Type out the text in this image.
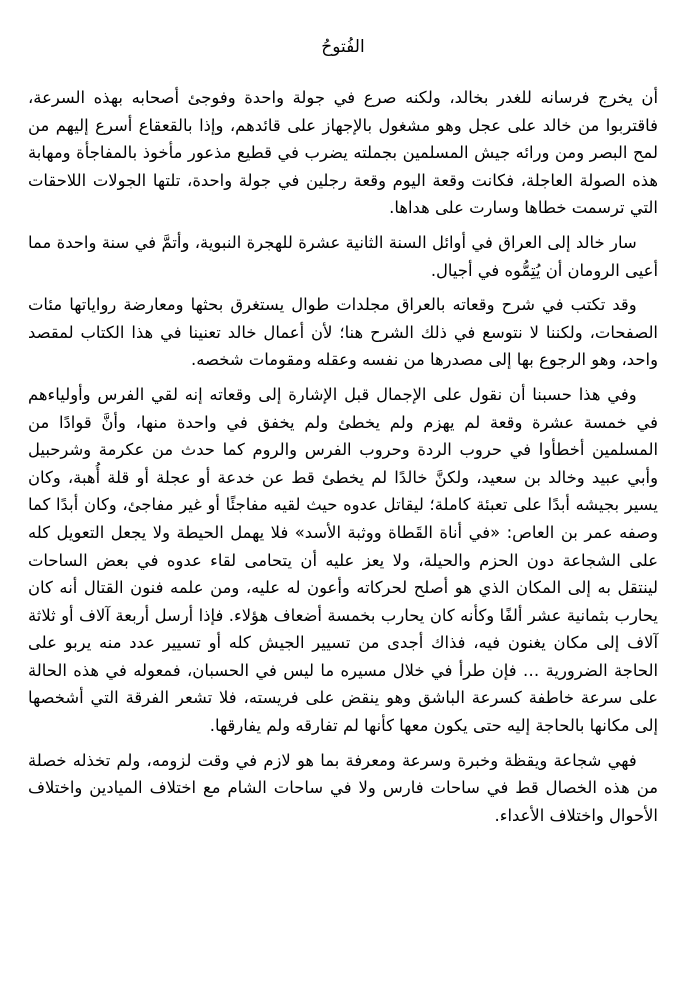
الفُتوحُ

أن يخرج فرسانه للغدر بخالد، ولكنه صرع في جولة واحدة وفوجئ أصحابه بهذه السرعة، فاقتربوا من خالد على عجل وهو مشغول بالإجهاز على قائدهم، وإذا بالقعقاع أسرع إليهم من لمح البصر ومن ورائه جيش المسلمين بجملته يضرب في قطيع مذعور مأخوذ بالمفاجأة ومهابة هذه الصولة العاجلة، فكانت وقعة اليوم وقعة رجلين في جولة واحدة، تلتها الجولات اللاحقات التي ترسمت خطاها وسارت على هداها.

سار خالد إلى العراق في أوائل السنة الثانية عشرة للهجرة النبوية، وأتمَّ في سنة واحدة مما أعيى الرومان أن يُتِمُّوه في أجيال.

وقد تكتب في شرح وقعاته بالعراق مجلدات طوال يستغرق بحثها ومعارضة رواياتها مئات الصفحات، ولكننا لا نتوسع في ذلك الشرح هنا؛ لأن أعمال خالد تعنينا في هذا الكتاب لمقصد واحد، وهو الرجوع بها إلى مصدرها من نفسه وعقله ومقومات شخصه.

وفي هذا حسبنا أن نقول على الإجمال قبل الإشارة إلى وقعاته إنه لقي الفرس وأولياءهم في خمسة عشرة وقعة لم يهزم ولم يخطئ ولم يخفق في واحدة منها، وأنَّ قوادًا من المسلمين أخطأوا في حروب الردة وحروب الفرس والروم كما حدث من عكرمة وشرحبيل وأبي عبيد وخالد بن سعيد، ولكنَّ خالدًا لم يخطئ قط عن خدعة أو عجلة أو قلة أُهبة، وكان يسير بجيشه أبدًا على تعبئة كاملة؛ ليقاتل عدوه حيث لقيه مفاجئًا أو غير مفاجئ، وكان أبدًا كما وصفه عمر بن العاص: «في أناة القَطاة ووثبة الأسد» فلا يهمل الحيطة ولا يجعل التعويل كله على الشجاعة دون الحزم والحيلة، ولا يعز عليه أن يتحامى لقاء عدوه في بعض الساحات لينتقل به إلى المكان الذي هو أصلح لحركاته وأعون له عليه، ومن علمه فنون القتال أنه كان يحارب بثمانية عشر ألفًا وكأنه كان يحارب بخمسة أضعاف هؤلاء. فإذا أرسل أربعة آلاف أو ثلاثة آلاف إلى مكان يغنون فيه، فذاك أجدى من تسيير الجيش كله أو تسيير عدد منه يربو على الحاجة الضرورية … فإن طرأ في خلال مسيره ما ليس في الحسبان، فمعوله في هذه الحالة على سرعة خاطفة كسرعة الباشق وهو ينقض على فريسته، فلا تشعر الفرقة التي أشخصها إلى مكانها بالحاجة إليه حتى يكون معها كأنها لم تفارقه ولم يفارقها.

فهي شجاعة ويقظة وخبرة وسرعة ومعرفة بما هو لازم في وقت لزومه، ولم تخذله خصلة من هذه الخصال قط في ساحات فارس ولا في ساحات الشام مع اختلاف الميادين واختلاف الأحوال واختلاف الأعداء.
